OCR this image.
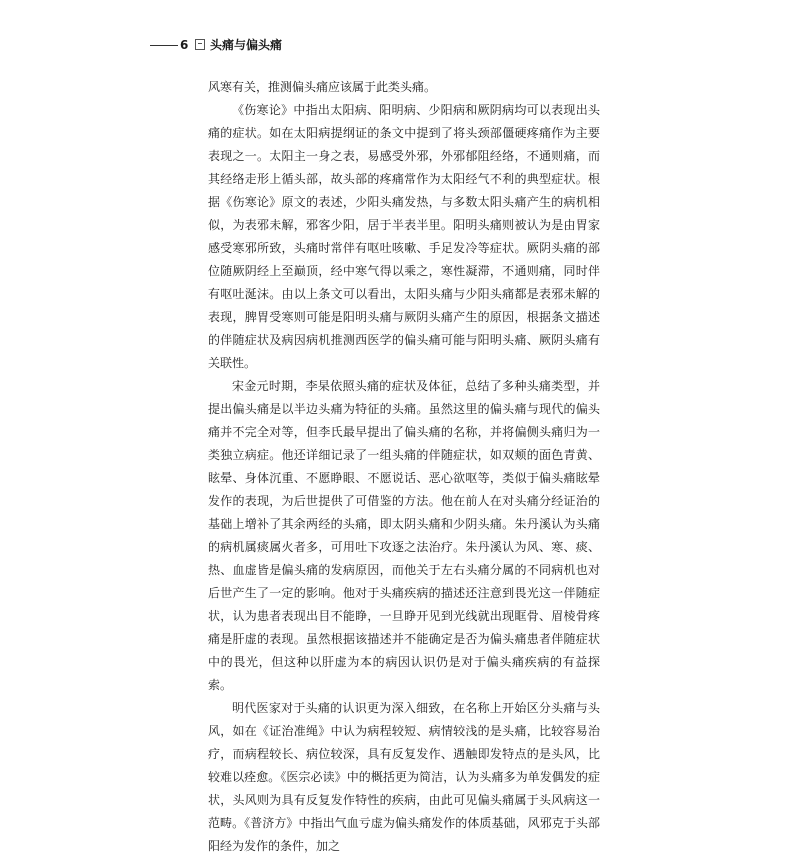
6 头痛与偏头痛

风寒有关，推测偏头痛应该属于此类头痛。

《伤寒论》中指出太阳病、阳明病、少阳病和厥阴病均可以表现出头痛的症状。如在太阳病提纲证的条文中提到了将头颈部僵硬疼痛作为主要表现之一。太阳主一身之表，易感受外邪，外邪郁阻经络，不通则痛，而其经络走形上循头部，故头部的疼痛常作为太阳经气不利的典型症状。根据《伤寒论》原文的表述，少阳头痛发热，与多数太阳头痛产生的病机相似，为表邪未解，邪客少阳，居于半表半里。阳明头痛则被认为是由胃家感受寒邪所致，头痛时常伴有呕吐咳嗽、手足发冷等症状。厥阴头痛的部位随厥阴经上至巅顶，经中寒气得以乘之，寒性凝滞，不通则痛，同时伴有呕吐涎沫。由以上条文可以看出，太阳头痛与少阳头痛都是表邪未解的表现，脾胃受寒则可能是阳明头痛与厥阴头痛产生的原因，根据条文描述的伴随症状及病因病机推测西医学的偏头痛可能与阳明头痛、厥阴头痛有关联性。

宋金元时期，李杲依照头痛的症状及体征，总结了多种头痛类型，并提出偏头痛是以半边头痛为特征的头痛。虽然这里的偏头痛与现代的偏头痛并不完全对等，但李氏最早提出了偏头痛的名称，并将偏侧头痛归为一类独立病症。他还详细记录了一组头痛的伴随症状，如双颊的面色青黄、眩晕、身体沉重、不愿睁眼、不愿说话、恶心欲呕等，类似于偏头痛眩晕发作的表现，为后世提供了可借鉴的方法。他在前人在对头痛分经证治的基础上增补了其余两经的头痛，即太阴头痛和少阴头痛。朱丹溪认为头痛的病机属痰属火者多，可用吐下攻逐之法治疗。朱丹溪认为风、寒、痰、热、血虚皆是偏头痛的发病原因，而他关于左右头痛分属的不同病机也对后世产生了一定的影响。他对于头痛疾病的描述还注意到畏光这一伴随症状，认为患者表现出目不能睁，一旦睁开见到光线就出现眶骨、眉棱骨疼痛是肝虚的表现。虽然根据该描述并不能确定是否为偏头痛患者伴随症状中的畏光，但这种以肝虚为本的病因认识仍是对于偏头痛疾病的有益探索。

明代医家对于头痛的认识更为深入细致，在名称上开始区分头痛与头风，如在《证治准绳》中认为病程较短、病情较浅的是头痛，比较容易治疗，而病程较长、病位较深，具有反复发作、遇触即发特点的是头风，比较难以痊愈。《医宗必读》中的概括更为简洁，认为头痛多为单发偶发的症状，头风则为具有反复发作特性的疾病，由此可见偏头痛属于头风病这一范畴。《普济方》中指出气血亏虚为偏头痛发作的体质基础，风邪克于头部阳经为发作的条件，加之
